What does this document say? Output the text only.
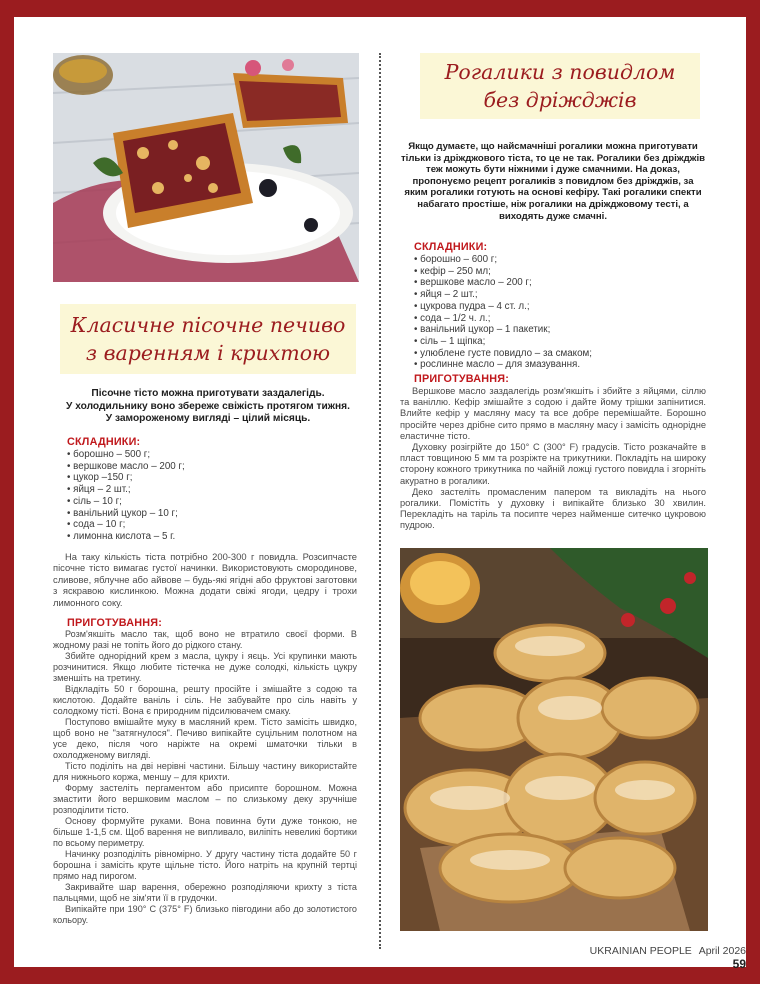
Класичне пісочне печиво
з варенням і крихтою
Пісочне тісто можна приготувати заздалегідь.
У холодильнику воно збереже свіжість протягом тижня.
У замороженому вигляді – цілий місяць.
СКЛАДНИКИ:
• борошно – 500 г;
• вершкове масло – 200 г;
• цукор –150 г;
• яйця – 2 шт.;
• сіль – 10 г;
• ванільний цукор – 10 г;
• сода – 10 г;
• лимонна кислота – 5 г.

На таку кількість тіста потрібно 200-300 г повидла. Розсипчасте пісочне тісто вимагає густої начинки. Використовують смородинове, сливове, яблучне або айвове – будь-які ягідні або фруктові заготовки з яскравою кислинкою. Можна додати свіжі ягоди, цедру і трохи лимонного соку.

ПРИГОТУВАННЯ:

Розм'якшіть масло так, щоб воно не втратило своєї форми. В жодному разі не топіть його до рідкого стану.

Збийте однорідний крем з масла, цукру і яєць. Усі крупинки мають розчинитися. Якщо любите тістечка не дуже солодкі, кількість цукру зменшіть на третину.

Відкладіть 50 г борошна, решту просійте і змішайте з содою та кислотою. Додайте ваніль і сіль. Не забувайте про сіль навіть у солодкому тісті. Вона є природним підсилювачем смаку.

Поступово вмішайте муку в масляний крем. Тісто замісіть швидко, щоб воно не "затягнулося". Печиво випікайте суцільним полотном на усе деко, після чого наріжте на окремі шматочки тільки в охолодженому вигляді.

Тісто поділіть на дві нерівні частини. Більшу частину використайте для нижнього коржа, меншу – для крихти.

Форму застеліть пергаментом або присипте борошном. Можна змастити його вершковим маслом – по слизькому деку зручніше розподілити тісто.

Основу формуйте руками. Вона повинна бути дуже тонкою, не більше 1-1,5 см. Щоб варення не випливало, виліпіть невеликі бортики по всьому периметру.

Начинку розподіліть рівномірно. У другу частину тіста додайте 50 г борошна і замісіть круте щільне тісто. Його натріть на крупній тертці прямо над пирогом.

Закривайте шар варення, обережно розподіляючи крихту з тіста пальцями, щоб не зім'яти її в грудочки.

Випікайте при 190° С (375° F) близько півгодини або до золотистого кольору.

Рогалики з повидлом
без дріжджів
Якщо думаєте, що найсмачніші рогалики можна приготувати тільки із дріжджового тіста, то це не так. Рогалики без дріжджів теж можуть бути ніжними і дуже смачними. На доказ, пропонуємо рецепт рогаликів з повидлом без дріжджів, за яким рогалики готують на основі кефіру. Такі рогалики спекти набагато простіше, ніж рогалики на дріжджовому тесті, а виходять дуже смачні.
СКЛАДНИКИ:
• борошно – 600 г;
• кефір – 250 мл;
• вершкове масло – 200 г;
• яйця – 2 шт.;
• цукрова пудра – 4 ст. л.;
• сода – 1/2 ч. л.;
• ванільний цукор – 1 пакетик;
• сіль – 1 щіпка;
• улюблене густе повидло – за смаком;
• рослинне масло – для змазування.
ПРИГОТУВАННЯ:

Вершкове масло заздалегідь розм'якшіть і збийте з яйцями, сіллю та ваніллю. Кефір змішайте з содою і дайте йому трішки запінитися. Влийте кефір у масляну масу та все добре перемішайте. Борошно просійте через дрібне сито прямо в масляну масу і замісіть однорідне еластичне тісто.

Духовку розігрійте до 150° С (300° F) градусів. Тісто розкачайте в пласт товщиною 5 мм та розріжте на трикутники. Покладіть на широку сторону кожного трикутника по чайній ложці густого повидла і згорніть акуратно в рогалики.

Деко застеліть промасленим папером та викладіть на нього рогалики. Помістіть у духовку і випікайте близько 30 хвилин. Перекладіть на таріль та посипте через найменше ситечко цукровою пудрою.

UKRAINIAN PEOPLE April 2026 59
